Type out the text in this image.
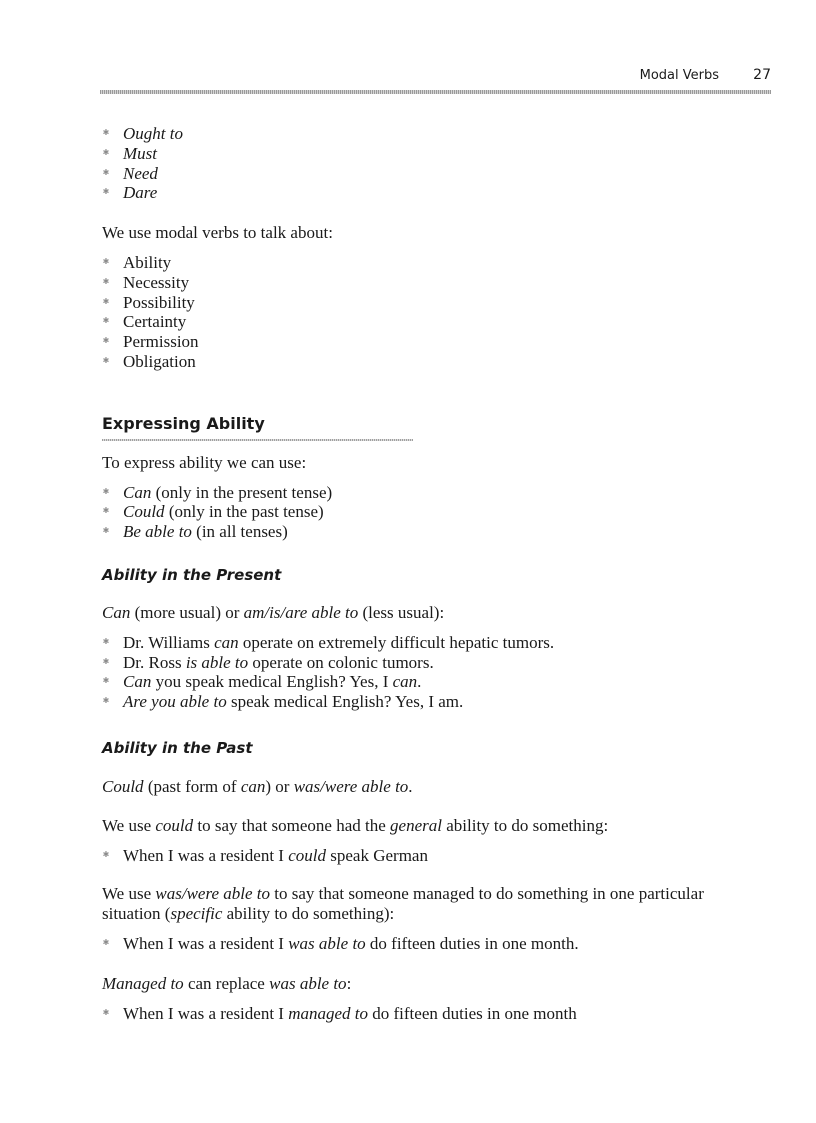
Modal Verbs 27
✱
Ought to
✱
Must
✱
Need
✱
Dare

We use modal verbs to talk about:

✱
Ability
✱
Necessity
✱
Possibility
✱
Certainty
✱
Permission
✱
Obligation
Expressing Ability

To express ability we can use:

✱
Can (only in the present tense)
✱
Could (only in the past tense)
✱
Be able to (in all tenses)
Ability in the Present

Can (more usual) or am/is/are able to (less usual):

✱
Dr. Williams can operate on extremely difficult hepatic tumors.
✱
Dr. Ross is able to operate on colonic tumors.
✱
Can you speak medical English? Yes, I can.
✱
Are you able to speak medical English? Yes, I am.
Ability in the Past

Could (past form of can) or was/were able to.

We use could to say that someone had the general ability to do something:

✱
When I was a resident I could speak German

We use was/were able to to say that someone managed to do something in one particular situation (specific ability to do something):

✱
When I was a resident I was able to do fifteen duties in one month.

Managed to can replace was able to:

✱
When I was a resident I managed to do fifteen duties in one month
